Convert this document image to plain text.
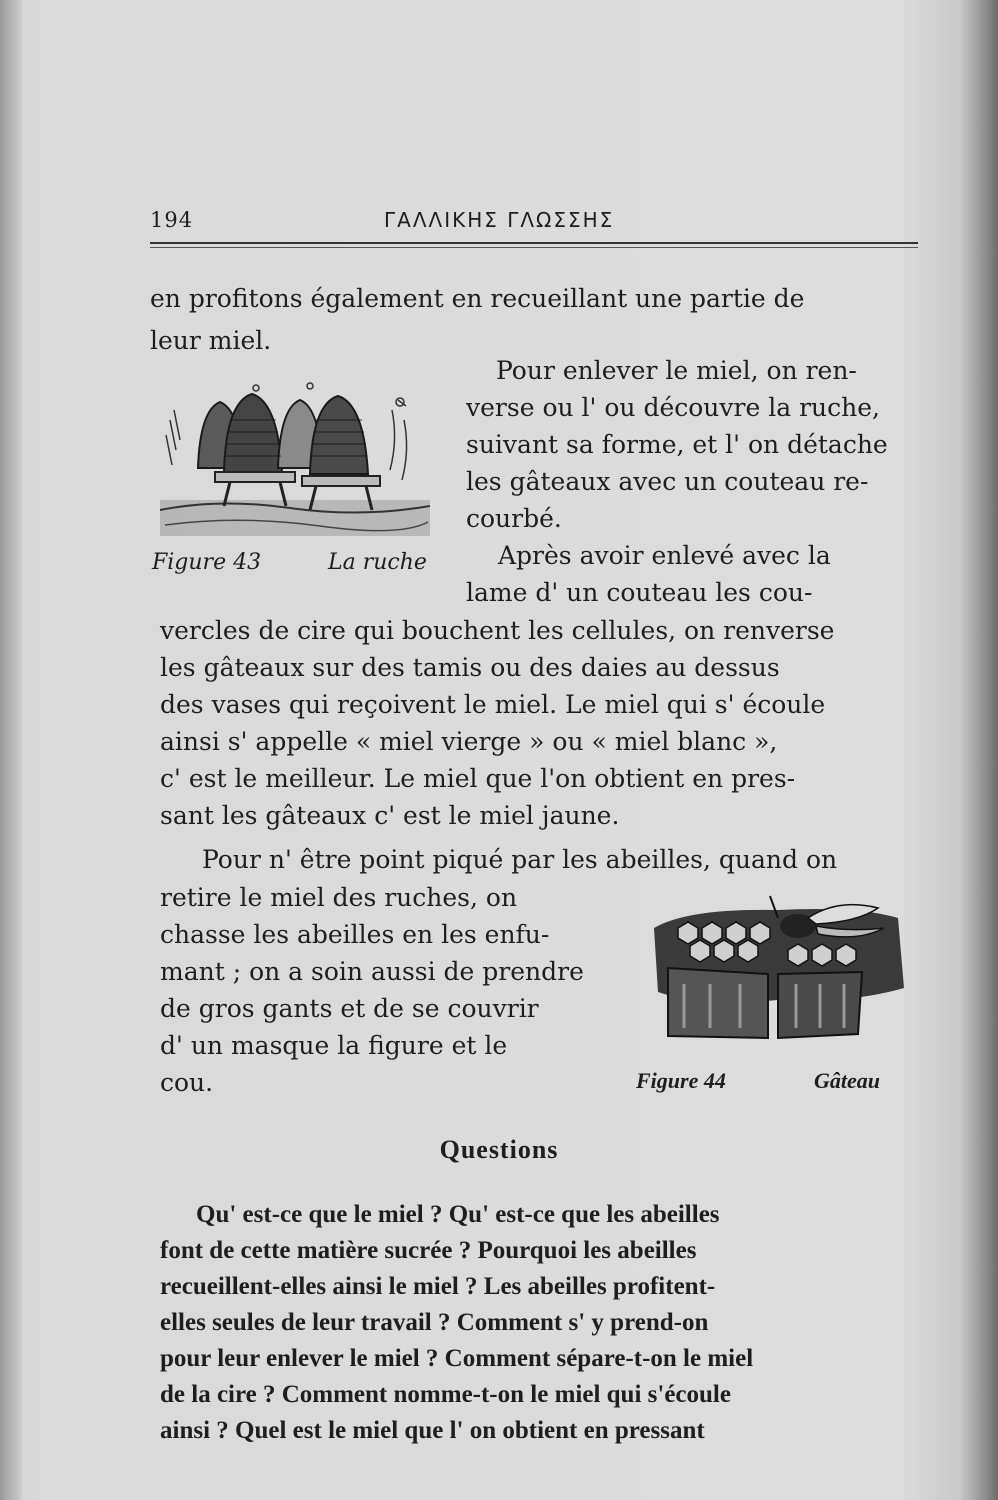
194	ΓΑΛΛΙΚΗΣ ΓΛΩΣΣΗΣ
en profitons également en recueillant une partie de
leur miel.
Pour enlever le miel, on ren-
verse ou l' ou découvre la ruche,
suivant sa forme, et l' on détache
les gâteaux avec un couteau re-
courbé.
Figure 43	La ruche	Après avoir enlevé avec la
lame d' un couteau les cou-
vercles de cire qui bouchent les cellules, on renverse
les gâteaux sur des tamis ou des daies au dessus
des vases qui reçoivent le miel. Le miel qui s' écoule
ainsi s' appelle « miel vierge » ou « miel blanc »,
c' est le meilleur. Le miel que l'on obtient en pres-
sant les gâteaux c' est le miel jaune.
Pour n' être point piqué par les abeilles, quand on
retire le miel des ruches, on
chasse les abeilles en les enfu-
mant ; on a soin aussi de prendre
de gros gants et de se couvrir
d' un masque la figure et le
cou.	Figure 44	Gâteau
Questions
Qu' est-ce que le miel ? Qu' est-ce que les abeilles
font de cette matière sucrée ? Pourquoi les abeilles
recueillent-elles ainsi le miel ? Les abeilles profitent-
elles seules de leur travail ? Comment s' y prend-on
pour leur enlever le miel ? Comment sépare-t-on le miel
de la cire ? Comment nomme-t-on le miel qui s'écoule
ainsi ? Quel est le miel que l' on obtient en pressant
